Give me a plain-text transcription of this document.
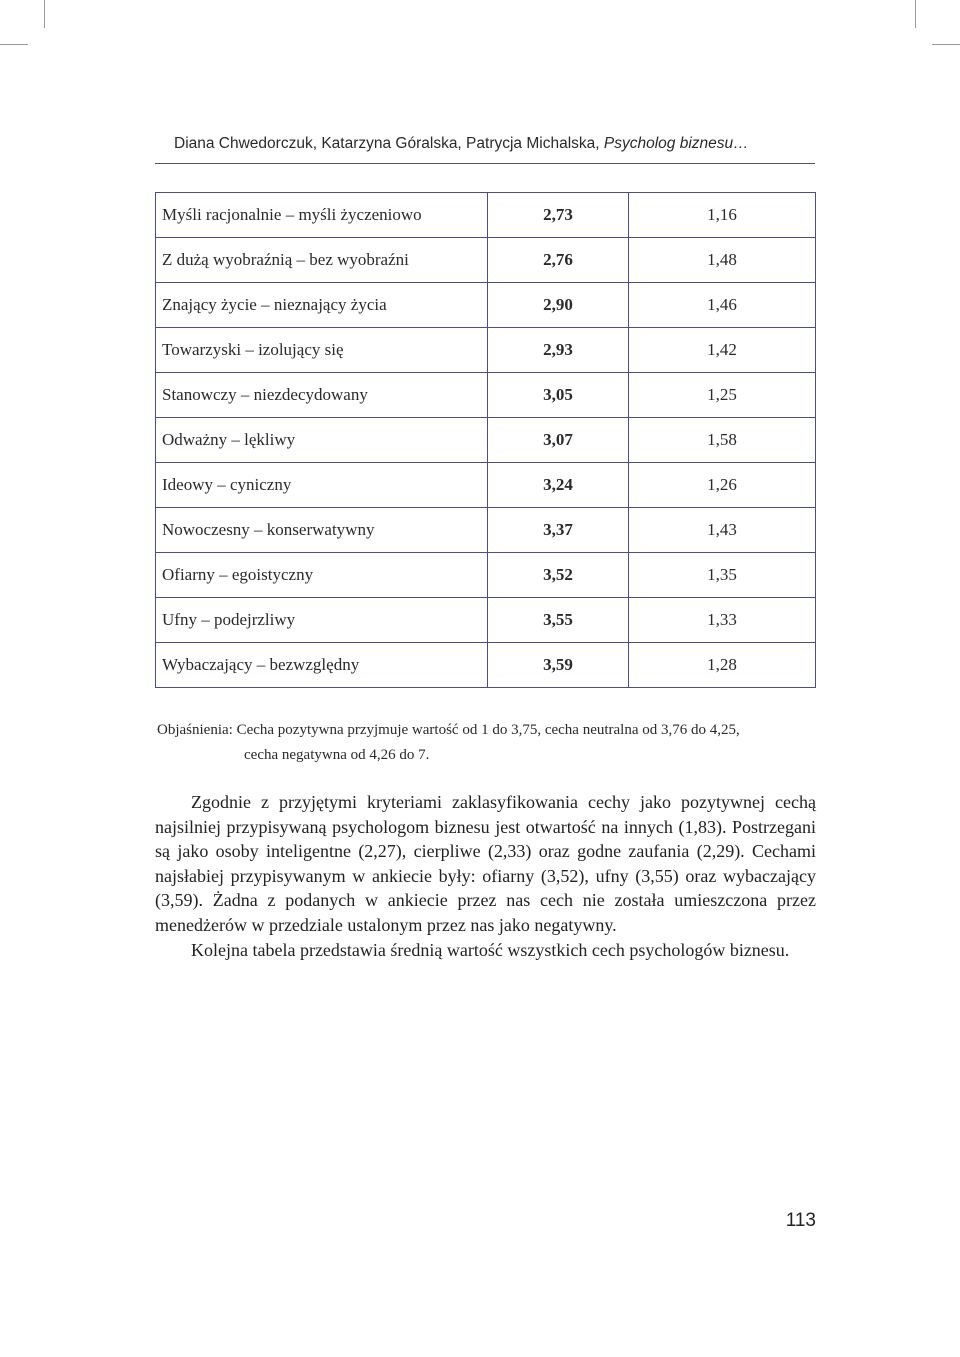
Diana Chwedorczuk, Katarzyna Góralska, Patrycja Michalska, Psycholog biznesu…
Myśli racjonalnie – myśli życzeniowo	2,73	1,16
Z dużą wyobraźnią – bez wyobraźni	2,76	1,48
Znający życie – nieznający życia	2,90	1,46
Towarzyski – izolujący się	2,93	1,42
Stanowczy – niezdecydowany	3,05	1,25
Odważny – lękliwy	3,07	1,58
Ideowy – cyniczny	3,24	1,26
Nowoczesny – konserwatywny	3,37	1,43
Ofiarny – egoistyczny	3,52	1,35
Ufny – podejrzliwy	3,55	1,33
Wybaczający – bezwzględny	3,59	1,28
Objaśnienia: Cecha pozytywna przyjmuje wartość od 1 do 3,75, cecha neutralna od 3,76 do 4,25,
cecha negatywna od 4,26 do 7.

Zgodnie z przyjętymi kryteriami zaklasyfikowania cechy jako pozytywnej cechą najsilniej przypisywaną psychologom biznesu jest otwartość na innych (1,83). Postrzegani są jako osoby inteligentne (2,27), cierpliwe (2,33) oraz godne zaufania (2,29). Cechami najsłabiej przypisywanym w ankiecie były: ofiarny (3,52), ufny (3,55) oraz wybaczający (3,59). Żadna z podanych w ankiecie przez nas cech nie została umieszczona przez menedżerów w przedziale ustalonym przez nas jako negatywny.

Kolejna tabela przedstawia średnią wartość wszystkich cech psychologów biznesu.

113
